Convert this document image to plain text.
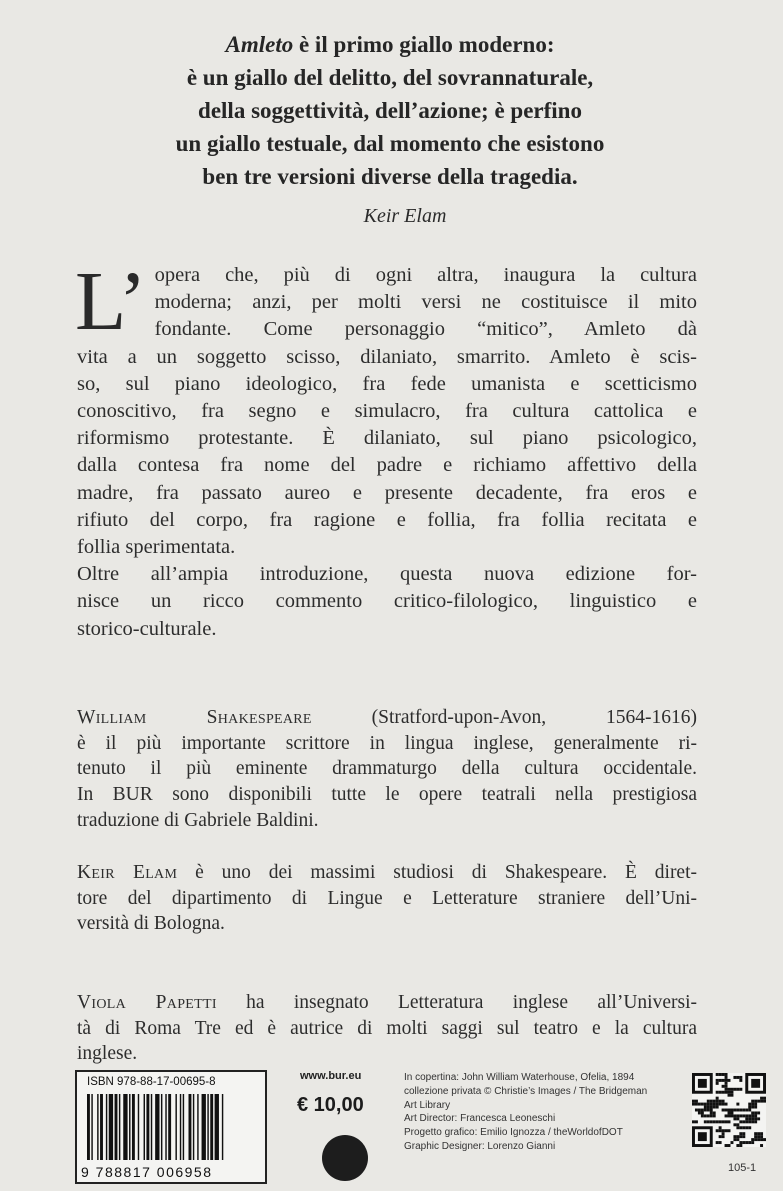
Amleto è il primo giallo moderno:
è un giallo del delitto, del sovrannaturale,
della soggettività, dell’azione; è perfino
un giallo testuale, dal momento che esistono
ben tre versioni diverse della tragedia.
Keir Elam
L’ opera che, più di ogni altra, inaugura la cultura
moderna; anzi, per molti versi ne costituisce il mito
fondante. Come personaggio “mitico”, Amleto dà
vita a un soggetto scisso, dilaniato, smarrito. Amleto è scis-
so, sul piano ideologico, fra fede umanista e scetticismo
conoscitivo, fra segno e simulacro, fra cultura cattolica e
riformismo protestante. È dilaniato, sul piano psicologico,
dalla contesa fra nome del padre e richiamo affettivo della
madre, fra passato aureo e presente decadente, fra eros e
rifiuto del corpo, fra ragione e follia, fra follia recitata e
follia sperimentata.
Oltre all’ampia introduzione, questa nuova edizione for-
nisce un ricco commento critico-filologico, linguistico e
storico-culturale.
William Shakespeare (Stratford-upon-Avon, 1564-1616)
è il più importante scrittore in lingua inglese, generalmente ri-
tenuto il più eminente drammaturgo della cultura occidentale.
In BUR sono disponibili tutte le opere teatrali nella prestigiosa
traduzione di Gabriele Baldini.
Keir Elam è uno dei massimi studiosi di Shakespeare. È diret-
tore del dipartimento di Lingue e Letterature straniere dell’Uni-
versità di Bologna.
Viola Papetti ha insegnato Letteratura inglese all’Universi-
tà di Roma Tre ed è autrice di molti saggi sul teatro e la cultura
inglese.
ISBN 978-88-17-00695-8
9 788817 006958
www.bur.eu
€ 10,00
In copertina: John William Waterhouse, Ofelia, 1894
collezione privata © Christie’s Images / The Bridgeman
Art Library
Art Director: Francesca Leoneschi
Progetto grafico: Emilio Ignozza / theWorldofDOT
Graphic Designer: Lorenzo Gianni
105-1
